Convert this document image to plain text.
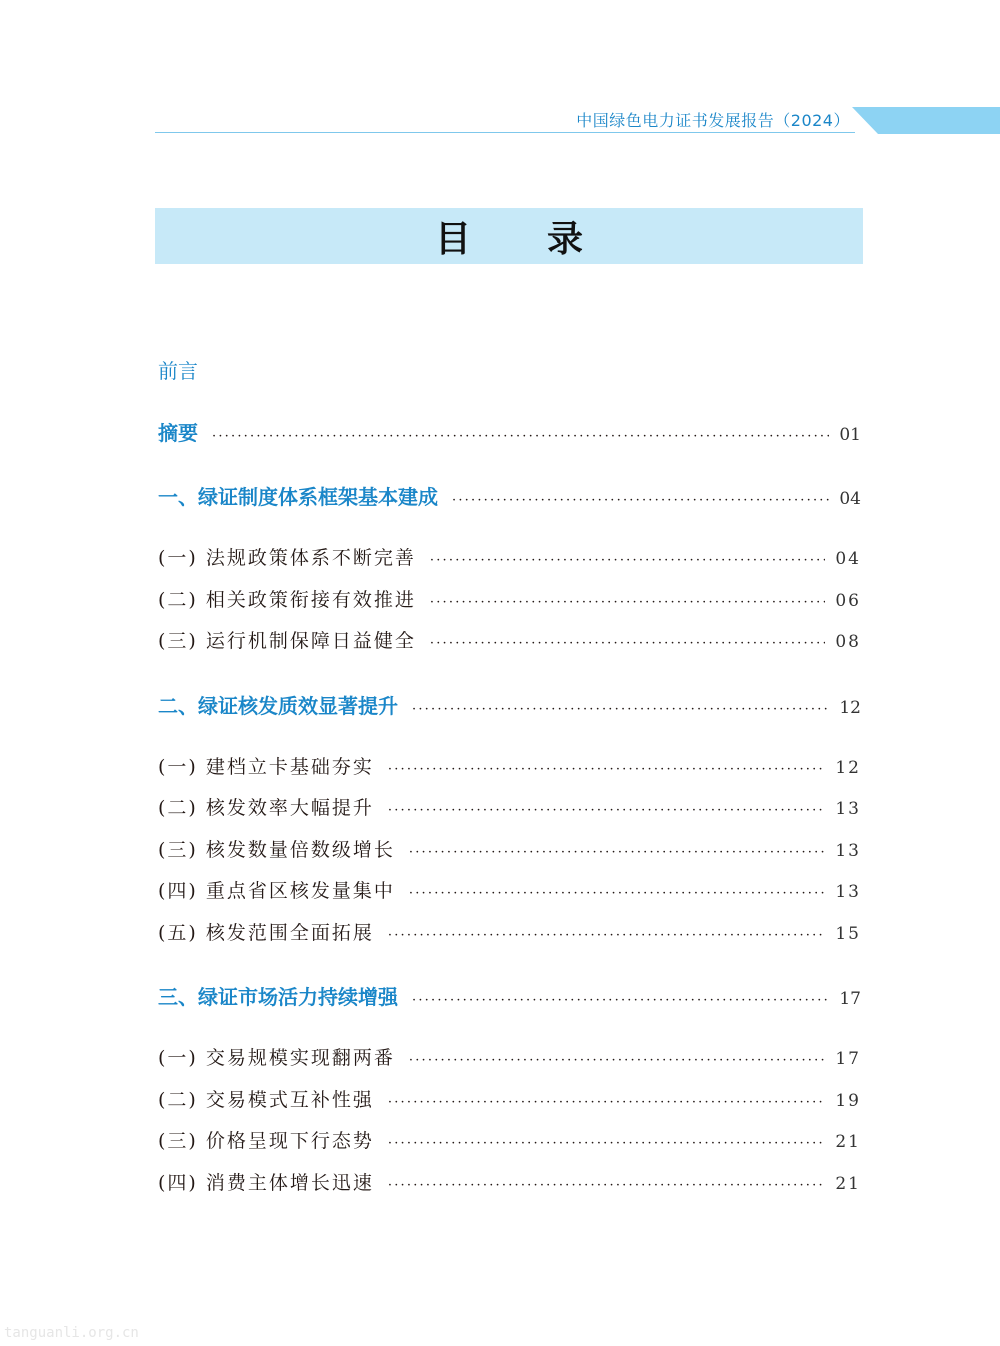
中国绿色电力证书发展报告（2024）
目录
前言
摘要 ·····	01
一、绿证制度体系框架基本建成 ·····	04
(一) 法规政策体系不断完善 ·····	04
(二) 相关政策衔接有效推进 ·····	06
(三) 运行机制保障日益健全 ·····	08
二、绿证核发质效显著提升 ·····	12
(一) 建档立卡基础夯实 ·····	12
(二) 核发效率大幅提升 ·····	13
(三) 核发数量倍数级增长 ·····	13
(四) 重点省区核发量集中 ·····	13
(五) 核发范围全面拓展 ·····	15
三、绿证市场活力持续增强 ·····	17
(一) 交易规模实现翻两番 ·····	17
(二) 交易模式互补性强 ·····	19
(三) 价格呈现下行态势 ·····	21
(四) 消费主体增长迅速 ·····	21
tanguanli.org.cn
